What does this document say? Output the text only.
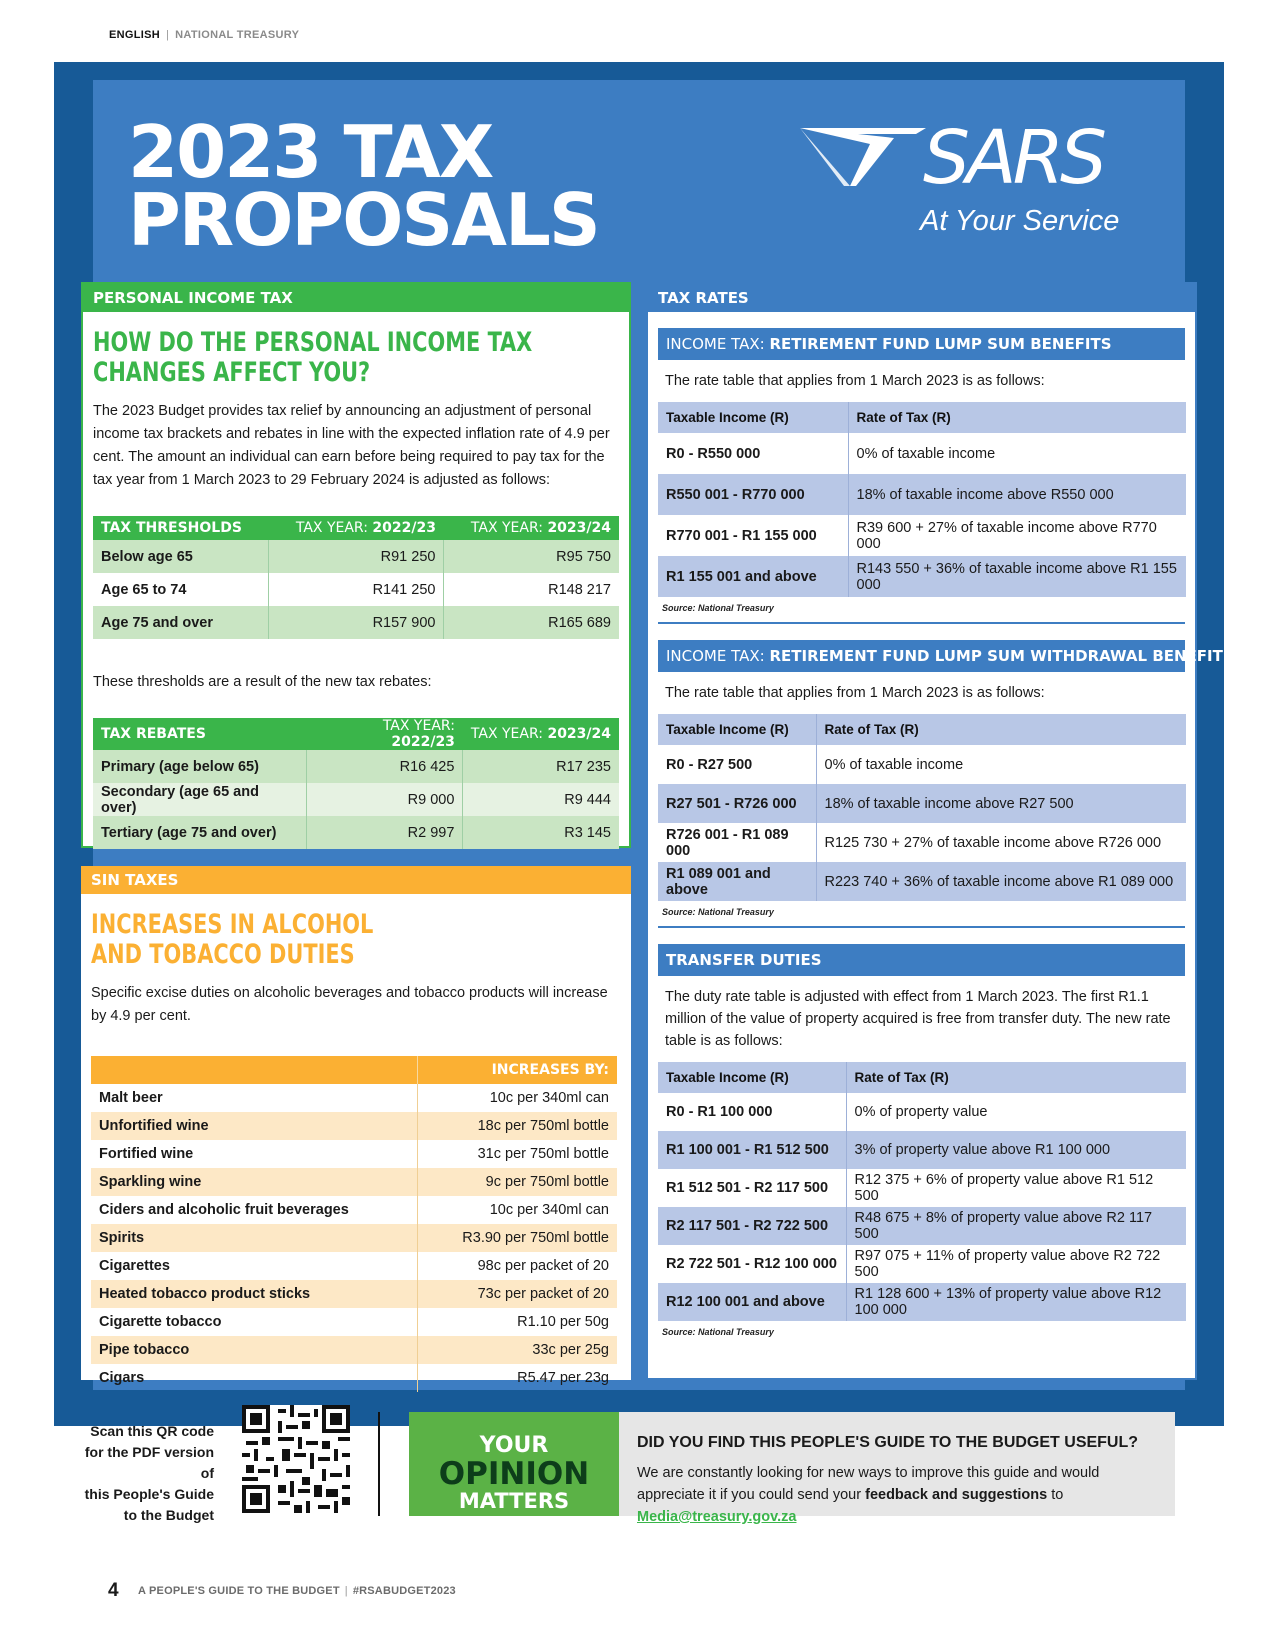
ENGLISH | NATIONAL TREASURY
2023 TAX
PROPOSALS
SARS
At Your Service
PERSONAL INCOME TAX
HOW DO THE PERSONAL INCOME TAX
CHANGES AFFECT YOU?

The 2023 Budget provides tax relief by announcing an adjustment of personal income tax brackets and rebates in line with the expected inflation rate of 4.9 per cent. The amount an individual can earn before being required to pay tax for the tax year from 1 March 2023 to 29 February 2024 is adjusted as follows:

TAX THRESHOLDS	TAX YEAR: 2022/23	TAX YEAR: 2023/24
Below age 65	R91 250	R95 750
Age 65 to 74	R141 250	R148 217
Age 75 and over	R157 900	R165 689

These thresholds are a result of the new tax rebates:

TAX REBATES	TAX YEAR: 2022/23	TAX YEAR: 2023/24
Primary (age below 65)	R16 425	R17 235
Secondary (age 65 and over)	R9 000	R9 444
Tertiary (age 75 and over)	R2 997	R3 145
SIN TAXES
INCREASES IN ALCOHOL
AND TOBACCO DUTIES

Specific excise duties on alcoholic beverages and tobacco products will increase by 4.9 per cent.

	INCREASES BY:
Malt beer	10c per 340ml can
Unfortified wine	18c per 750ml bottle
Fortified wine	31c per 750ml bottle
Sparkling wine	9c per 750ml bottle
Ciders and alcoholic fruit beverages	10c per 340ml can
Spirits	R3.90 per 750ml bottle
Cigarettes	98c per packet of 20
Heated tobacco product sticks	73c per packet of 20
Cigarette tobacco	R1.10 per 50g
Pipe tobacco	33c per 25g
Cigars	R5.47 per 23g
TAX RATES
INCOME TAX: RETIREMENT FUND LUMP SUM BENEFITS

The rate table that applies from 1 March 2023 is as follows:

Taxable Income (R)	Rate of Tax (R)
R0 - R550 000	0% of taxable income
R550 001 - R770 000	18% of taxable income above R550 000
R770 001 - R1 155 000	R39 600 + 27% of taxable income above R770 000
R1 155 001 and above	R143 550 + 36% of taxable income above R1 155 000
Source: National Treasury
INCOME TAX: RETIREMENT FUND LUMP SUM WITHDRAWAL BENEFITS

The rate table that applies from 1 March 2023 is as follows:

Taxable Income (R)	Rate of Tax (R)
R0 - R27 500	0% of taxable income
R27 501 - R726 000	18% of taxable income above R27 500
R726 001 - R1 089 000	R125 730 + 27% of taxable income above R726 000
R1 089 001 and above	R223 740 + 36% of taxable income above R1 089 000
Source: National Treasury
TRANSFER DUTIES

The duty rate table is adjusted with effect from 1 March 2023. The first R1.1 million of the value of property acquired is free from transfer duty. The new rate table is as follows:

Taxable Income (R)	Rate of Tax (R)
R0 - R1 100 000	0% of property value
R1 100 001 - R1 512 500	3% of property value above R1 100 000
R1 512 501 - R2 117 500	R12 375 + 6% of property value above R1 512 500
R2 117 501 - R2 722 500	R48 675 + 8% of property value above R2 117 500
R2 722 501 - R12 100 000	R97 075 + 11% of property value above R2 722 500
R12 100 001 and above	R1 128 600 + 13% of property value above R12 100 000
Source: National Treasury
Scan this QR code
for the PDF version of
this People's Guide
to the Budget
YOUR
OPINION
MATTERS
DID YOU FIND THIS PEOPLE'S GUIDE TO THE BUDGET USEFUL?
We are constantly looking for new ways to improve this guide and would appreciate it if you could send your feedback and suggestions to Media@treasury.gov.za
4 A PEOPLE'S GUIDE TO THE BUDGET | #RSABUDGET2023
